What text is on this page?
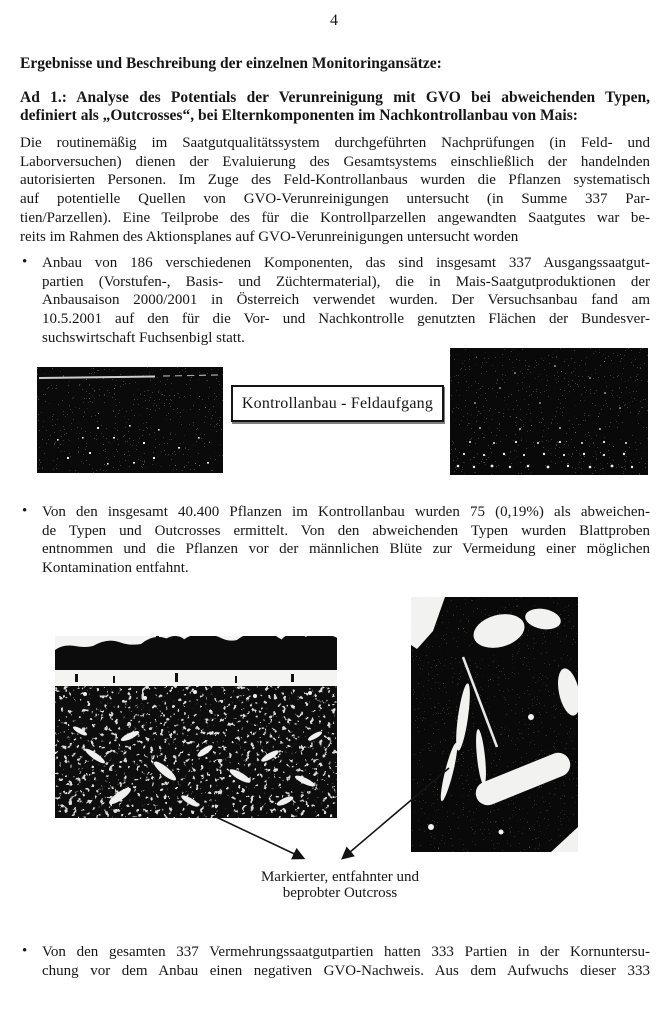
4
Ergebnisse und Beschreibung der einzelnen Monitoringansätze:
Ad 1.: Analyse des Potentials der Verunreinigung mit GVO bei abweichenden Typen,
definiert als „Outcrosses“, bei Elternkomponenten im Nachkontrollanbau von Mais:
Die routinemäßig im Saatgutqualitätssystem durchgeführten Nachprüfungen (in Feld- und
Laborversuchen) dienen der Evaluierung des Gesamtsystems einschließlich der handelnden
autorisierten Personen. Im Zuge des Feld-Kontrollanbaus wurden die Pflanzen systematisch
auf potentielle Quellen von GVO-Verunreinigungen untersucht (in Summe 337 Par-
tien/Parzellen). Eine Teilprobe des für die Kontrollparzellen angewandten Saatgutes war be-
reits im Rahmen des Aktionsplanes auf GVO-Verunreinigungen untersucht worden
• Anbau von 186 verschiedenen Komponenten, das sind insgesamt 337 Ausgangssaatgut-
partien (Vorstufen-, Basis- und Züchtermaterial), die in Mais-Saatgutproduktionen der
Anbausaison 2000/2001 in Österreich verwendet wurden. Der Versuchsanbau fand am
10.5.2001 auf den für die Vor- und Nachkontrolle genutzten Flächen der Bundesver-
suchswirtschaft Fuchsenbigl statt.
Kontrollanbau - Feldaufgang
• Von den insgesamt 40.400 Pflanzen im Kontrollanbau wurden 75 (0,19%) als abweichen-
de Typen und Outcrosses ermittelt. Von den abweichenden Typen wurden Blattproben
entnommen und die Pflanzen vor der männlichen Blüte zur Vermeidung einer möglichen
Kontamination entfahnt.
Markierter, entfahnter und
beprobter Outcross
• Von den gesamten 337 Vermehrungssaatgutpartien hatten 333 Partien in der Kornuntersu-
chung vor dem Anbau einen negativen GVO-Nachweis. Aus dem Aufwuchs dieser 333
